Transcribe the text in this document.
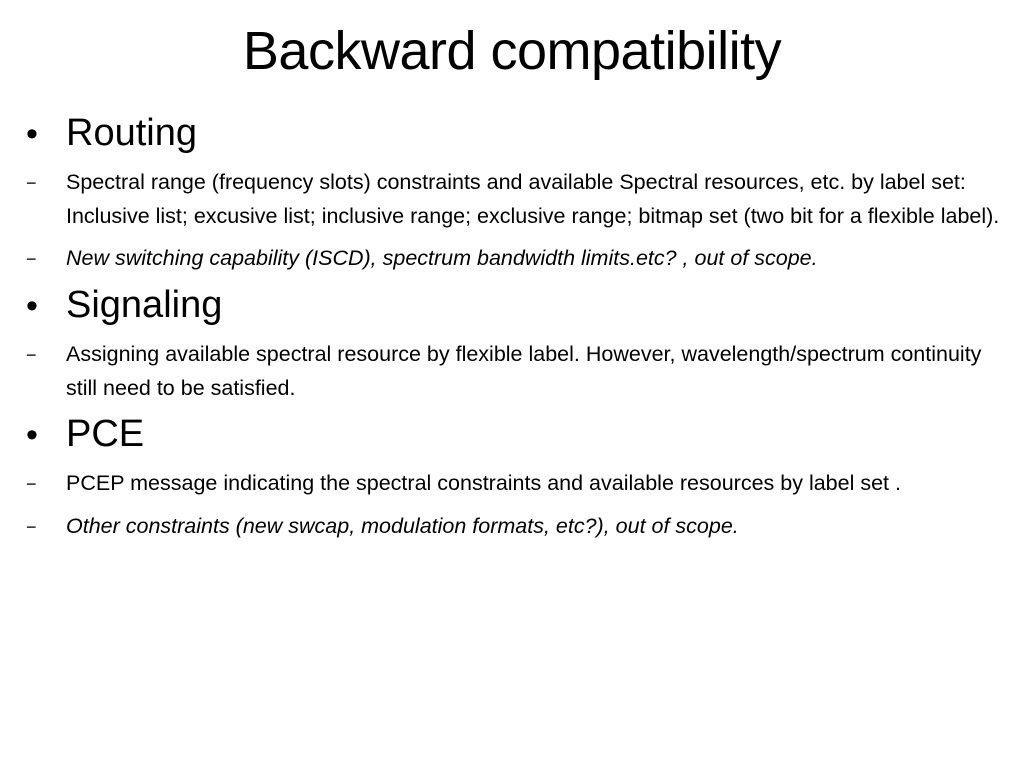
Backward compatibility
• Routing
−	Spectral range (frequency slots) constraints and available Spectral resources, etc. by label set: Inclusive list; excusive list; inclusive range; exclusive range; bitmap set (two bit for a flexible label).
−	New switching capability (ISCD), spectrum bandwidth limits.etc? , out of scope.
• Signaling
−	Assigning available spectral resource by flexible label. However, wavelength/spectrum continuity still need to be satisfied.
• PCE
−	PCEP message indicating the spectral constraints and available resources by label set .
−	Other constraints (new swcap, modulation formats, etc?), out of scope.
